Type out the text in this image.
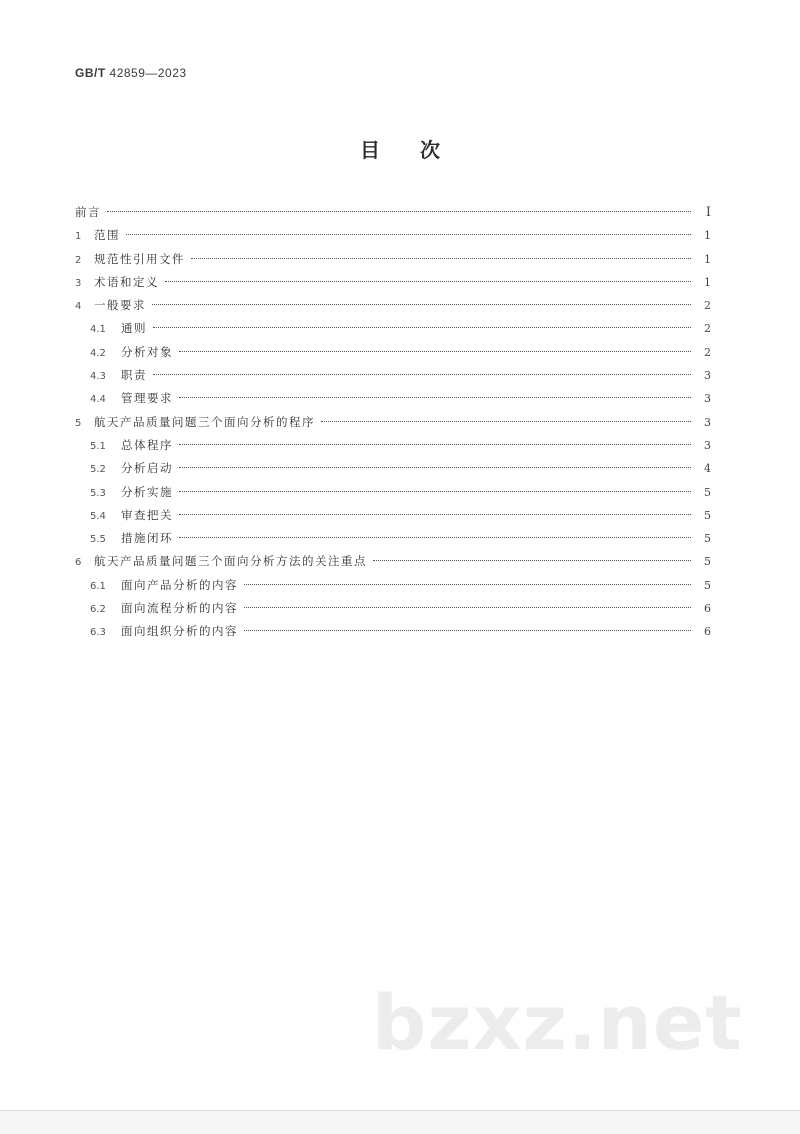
GB/T 42859—2023
目次
前言	I
1	范围	1
2	规范性引用文件	1
3	术语和定义	1
4	一般要求	2
4.1	通则	2
4.2	分析对象	2
4.3	职责	3
4.4	管理要求	3
5	航天产品质量问题三个面向分析的程序	3
5.1	总体程序	3
5.2	分析启动	4
5.3	分析实施	5
5.4	审查把关	5
5.5	措施闭环	5
6	航天产品质量问题三个面向分析方法的关注重点	5
6.1	面向产品分析的内容	5
6.2	面向流程分析的内容	6
6.3	面向组织分析的内容	6
bzxz.net
